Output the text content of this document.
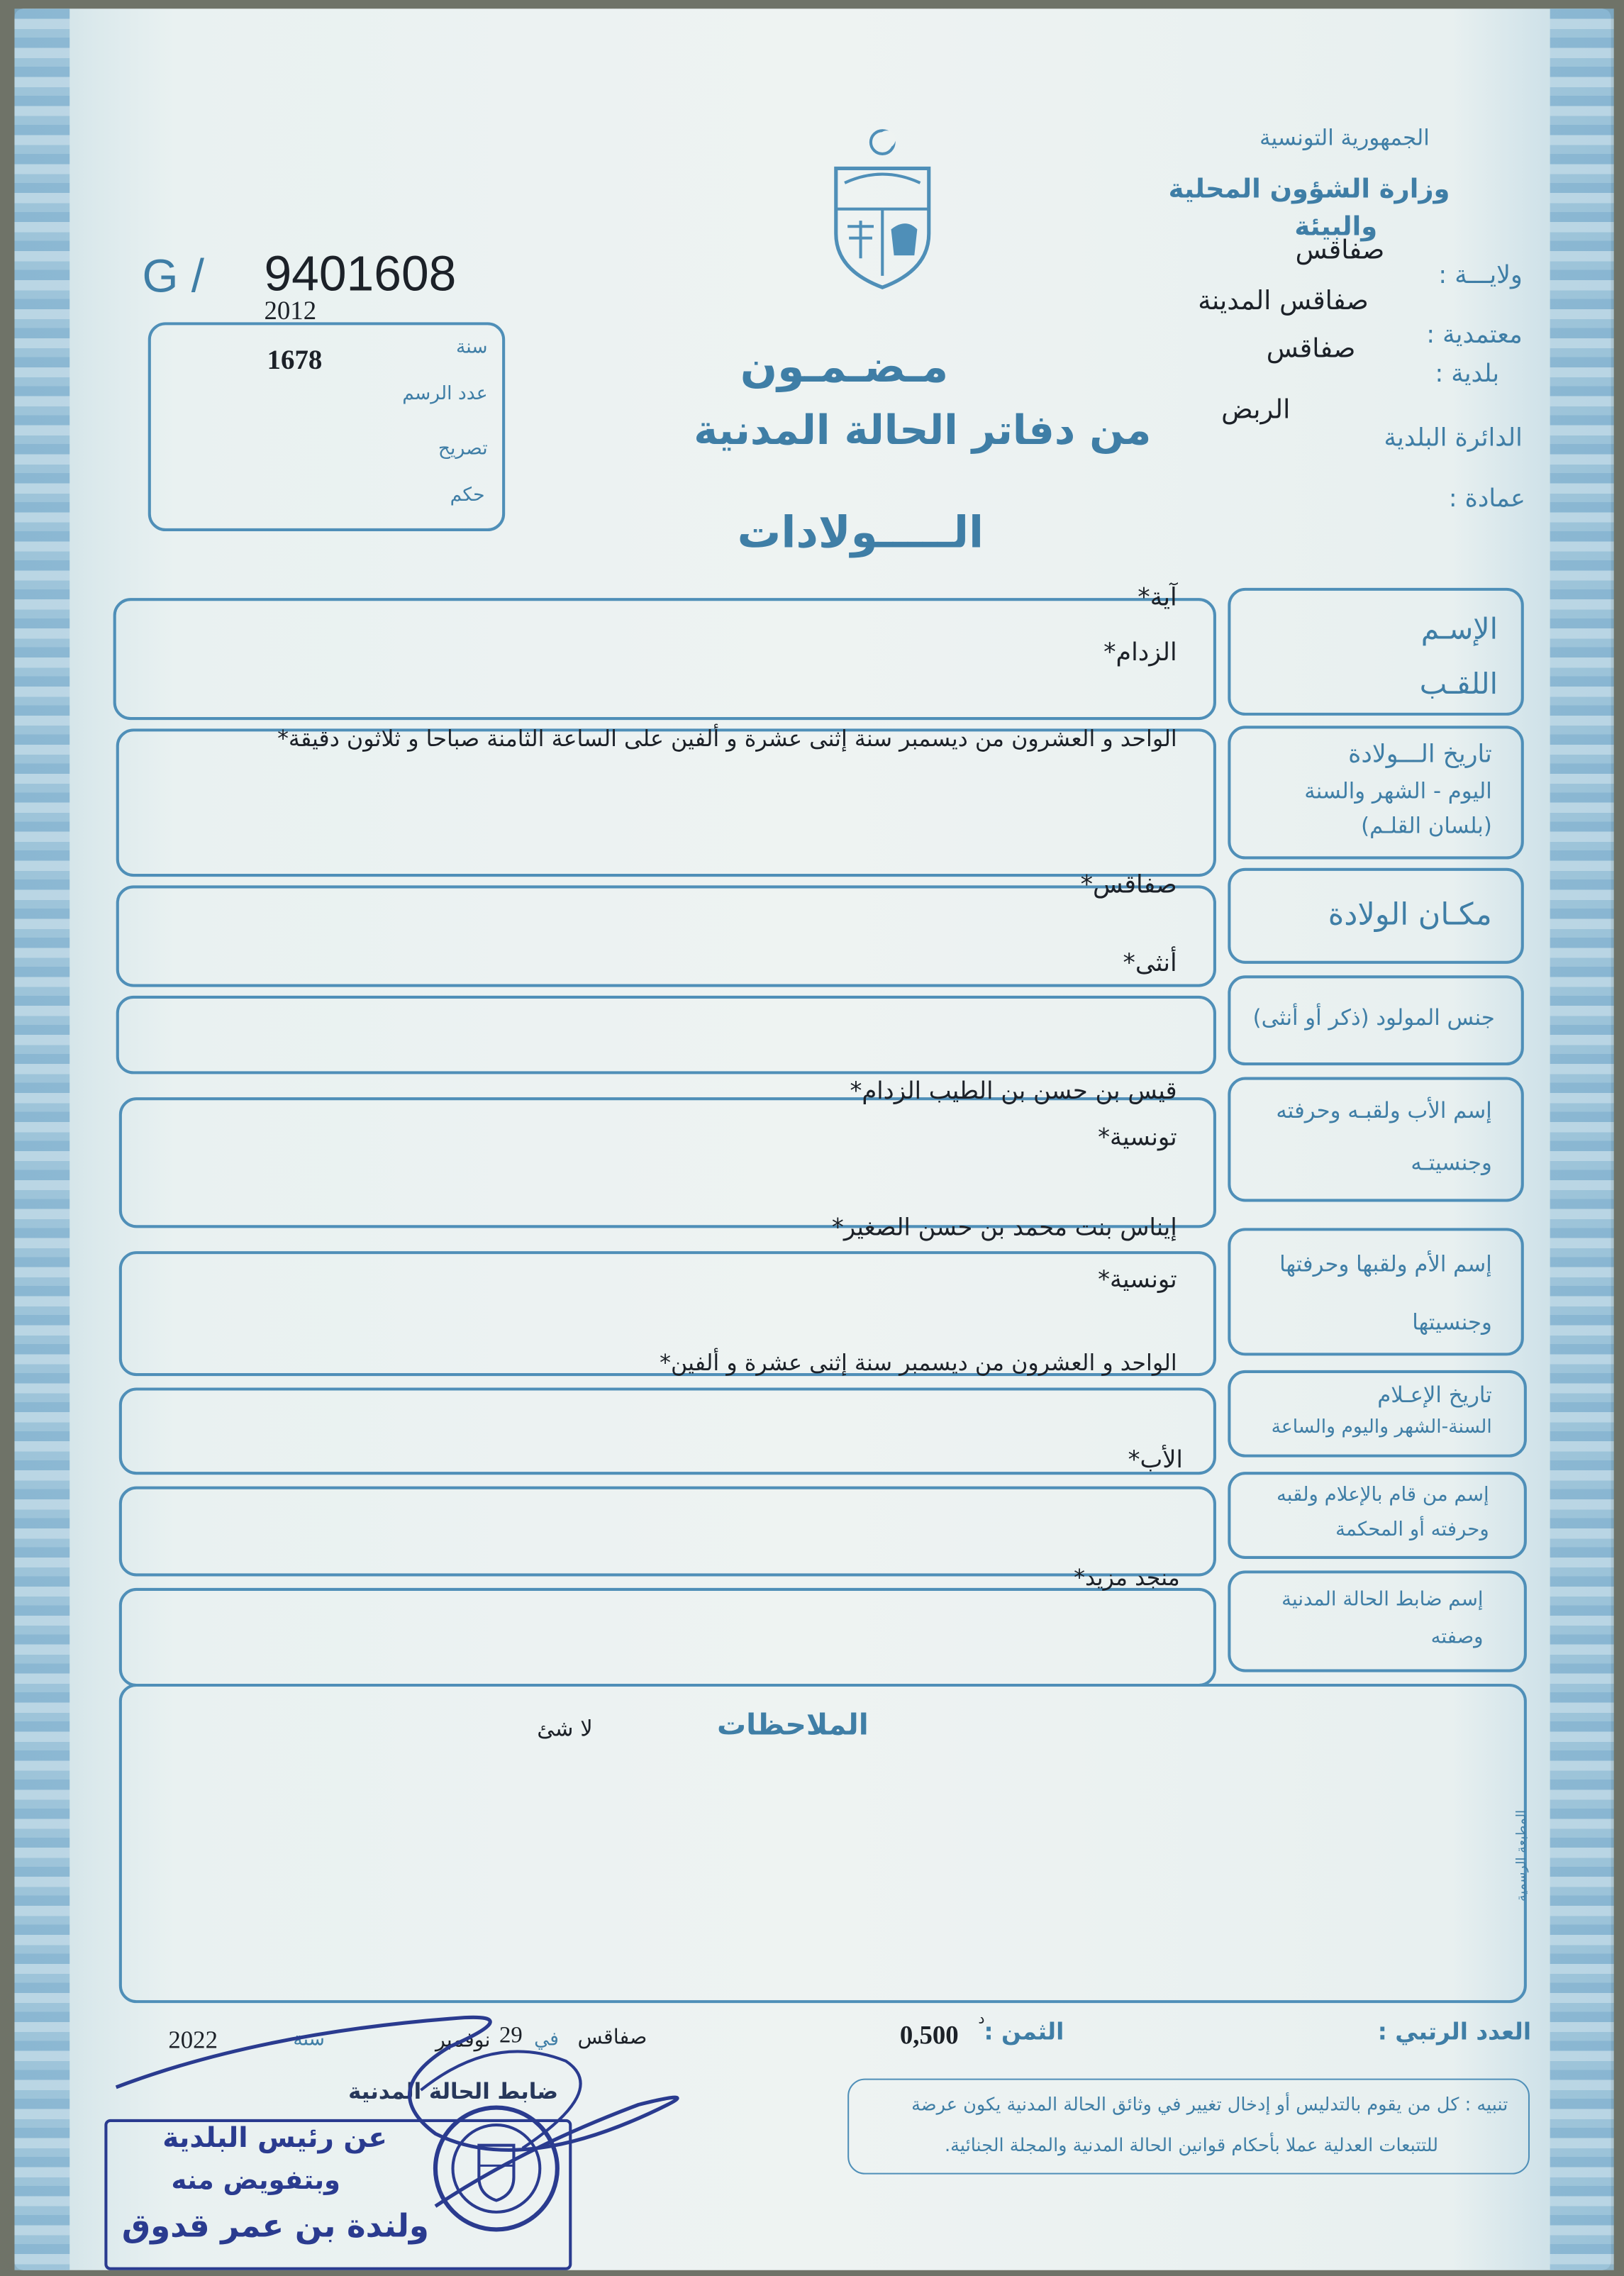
الجمهورية التونسية
وزارة الشؤون المحلية
والبيئة
ولايـــة :
صفاقس
معتمدية :
صفاقس المدينة
بلدية :
صفاقس
الربض
الدائرة البلدية
عمادة :
G / 9401608
2012
1678	سنة
عدد الرسم
تصريح
حكم
مـضـمـون
من دفاتر الحالة المدنية
الـــــولادات
الإسـم
اللقـب
آية*
الزدام*
تاريخ الـــولادة
اليوم - الشهر والسنة
(بلسان القلـم)
الواحد و العشرون من ديسمبر سنة إثنى عشرة و ألفين على الساعة الثامنة صباحا و ثلاثون دقيقة*
مكـان الولادة
صفاقس*
جنس المولود (ذكر أو أنثى)
أنثى*
إسم الأب ولقبـه وحرفته
وجنسيتـه
قيس بن حسن بن الطيب الزدام*
تونسية*
إسم الأم ولقبها وحرفتها
وجنسيتها
إيناس بنت محمد بن حسن الصغير*
تونسية*
تاريخ الإعـلام
السنة-الشهر واليوم والساعة
الواحد و العشرون من ديسمبر سنة إثنى عشرة و ألفين*
إسم من قام بالإعلام ولقبه
وحرفته أو المحكمة
الأب*
إسم ضابط الحالة المدنية
وصفته
منجد مزيد*
الملاحظات
لا شئ
المطبعة الرسمية
العدد الرتبي :
الثمن :
0,500
د
صفاقس
في
29
نوفمبر
سنة
2022
تنبيه : كل من يقوم بالتدليس أو إدخال تغيير في وثائق الحالة المدنية يكون عرضة
للتتبعات العدلية عملا بأحكام قوانين الحالة المدنية والمجلة الجنائية.
ضابط الحالة المدنية
عن رئيس البلدية
وبتفويض منه
ولندة بن عمر قدوق
